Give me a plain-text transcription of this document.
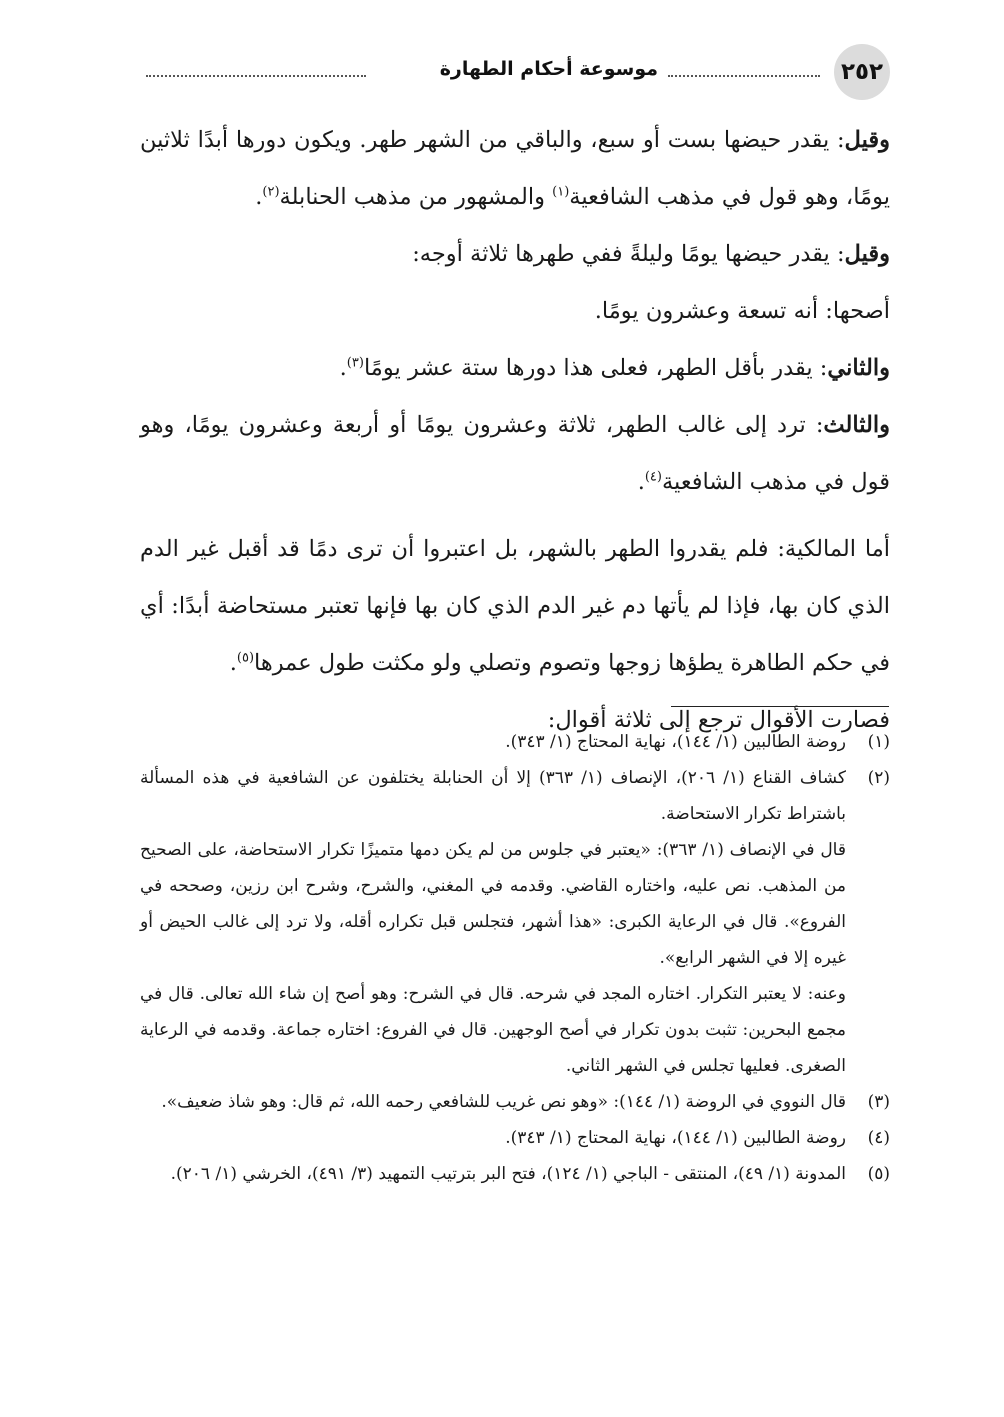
٢٥٢
موسوعة أحكام الطهارة

وقيل: يقدر حيضها بست أو سبع، والباقي من الشهر طهر. ويكون دورها أبدًا ثلاثين يومًا، وهو قول في مذهب الشافعية$^{(١)}$ والمشهور من مذهب الحنابلة$^{(٢)}$.

وقيل: يقدر حيضها يومًا وليلةً ففي طهرها ثلاثة أوجه:

أصحها: أنه تسعة وعشرون يومًا.

والثاني: يقدر بأقل الطهر، فعلى هذا دورها ستة عشر يومًا$^{(٣)}$.

والثالث: ترد إلى غالب الطهر، ثلاثة وعشرون يومًا أو أربعة وعشرون يومًا، وهو قول في مذهب الشافعية$^{(٤)}$.

أما المالكية: فلم يقدروا الطهر بالشهر، بل اعتبروا أن ترى دمًا قد أقبل غير الدم الذي كان بها، فإذا لم يأتها دم غير الدم الذي كان بها فإنها تعتبر مستحاضة أبدًا: أي في حكم الطاهرة يطؤها زوجها وتصوم وتصلي ولو مكثت طول عمرها$^{(٥)}$.

فصارت الأقوال ترجع إلى ثلاثة أقوال:

(١)
روضة الطالبين (١/ ١٤٤)، نهاية المحتاج (١/ ٣٤٣).
(٢)

كشاف القناع (١/ ٢٠٦)، الإنصاف (١/ ٣٦٣) إلا أن الحنابلة يختلفون عن الشافعية في هذه المسألة باشتراط تكرار الاستحاضة.

قال في الإنصاف (١/ ٣٦٣): «يعتبر في جلوس من لم يكن دمها متميزًا تكرار الاستحاضة، على الصحيح من المذهب. نص عليه، واختاره القاضي. وقدمه في المغني، والشرح، وشرح ابن رزين، وصححه في الفروع». قال في الرعاية الكبرى: «هذا أشهر، فتجلس قبل تكراره أقله، ولا ترد إلى غالب الحيض أو غيره إلا في الشهر الرابع».

وعنه: لا يعتبر التكرار. اختاره المجد في شرحه. قال في الشرح: وهو أصح إن شاء الله تعالى. قال في مجمع البحرين: تثبت بدون تكرار في أصح الوجهين. قال في الفروع: اختاره جماعة. وقدمه في الرعاية الصغرى. فعليها تجلس في الشهر الثاني.

(٣)
قال النووي في الروضة (١/ ١٤٤): «وهو نص غريب للشافعي رحمه الله، ثم قال: وهو شاذ ضعيف».
(٤)
روضة الطالبين (١/ ١٤٤)، نهاية المحتاج (١/ ٣٤٣).
(٥)
المدونة (١/ ٤٩)، المنتقى - الباجي (١/ ١٢٤)، فتح البر بترتيب التمهيد (٣/ ٤٩١)، الخرشي (١/ ٢٠٦).
